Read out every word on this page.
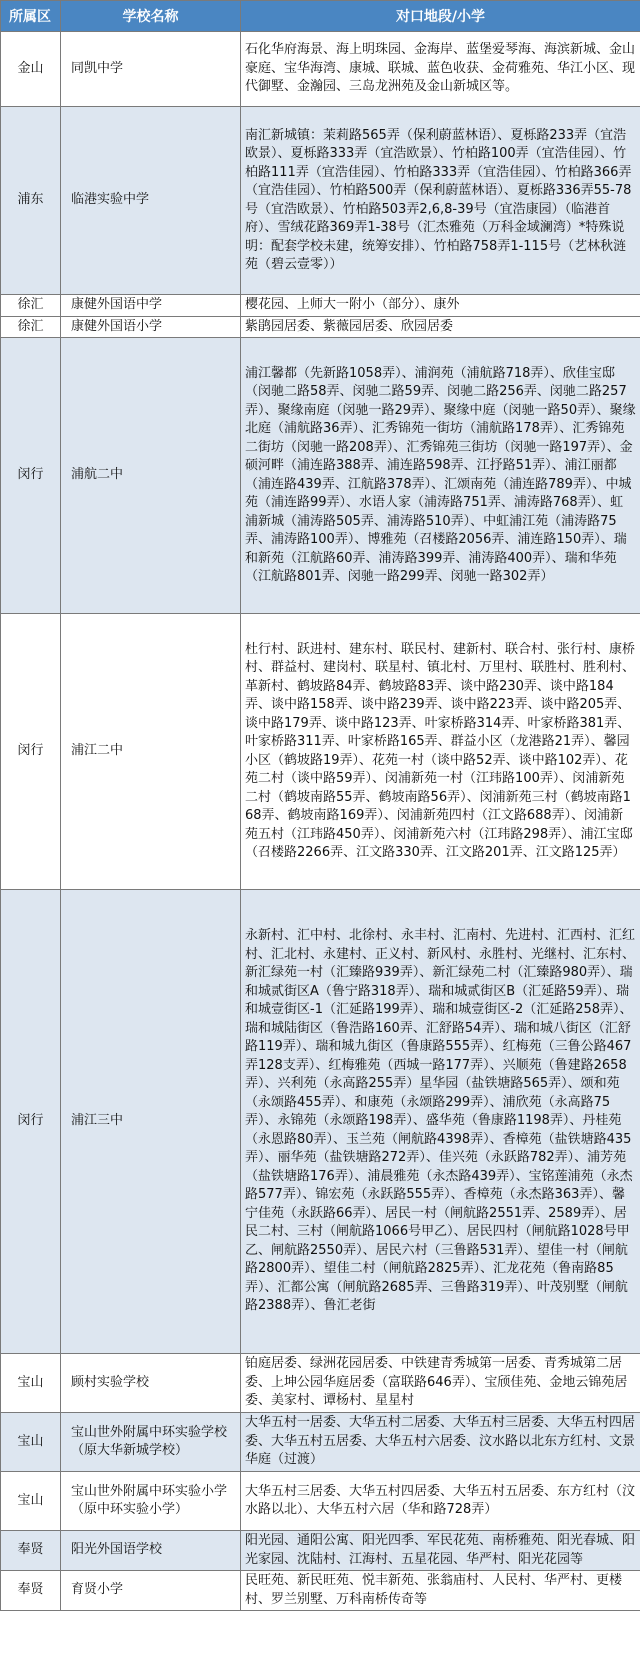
所属区	学校名称	对口地段/小学
金山	同凯中学	石化华府海景、海上明珠园、金海岸、蓝堡爱琴海、海滨新城、金山豪庭、宝华海湾、康城、联城、蓝色收获、金荷雅苑、华江小区、现代御墅、金瀚园、三岛龙洲苑及金山新城区等。
浦东	临港实验中学	南汇新城镇：茉莉路565弄（保利蔚蓝林语）、夏栎路233弄（宜浩欧景）、夏栎路333弄（宜浩欧景）、竹柏路100弄（宜浩佳园）、竹柏路111弄（宜浩佳园）、竹柏路333弄（宜浩佳园）、竹柏路366弄（宜浩佳园）、竹柏路500弄（保利蔚蓝林语）、夏栎路336弄55-78号（宜浩欧景）、竹柏路503弄2,6,8-39号（宜浩康园）（临港首府）、雪绒花路369弄1-38号（汇杰雅苑（万科金域澜湾）*特殊说明：配套学校未建，统筹安排）、竹柏路758弄1-115号（艺林秋涟苑（碧云壹零））
徐汇	康健外国语中学	樱花园、上师大一附小（部分）、康外
徐汇	康健外国语小学	紫鹃园居委、紫薇园居委、欣园居委
闵行	浦航二中	浦江馨都（先新路1058弄）、浦润苑（浦航路718弄）、欣佳宝邸（闵驰二路58弄、闵驰二路59弄、闵驰二路256弄、闵驰二路257弄）、聚缘南庭（闵驰一路29弄）、聚缘中庭（闵驰一路50弄）、聚缘北庭（浦航路36弄）、汇秀锦苑一街坊（浦航路178弄）、汇秀锦苑二街坊（闵驰一路208弄）、汇秀锦苑三街坊（闵驰一路197弄）、金硕河畔（浦连路388弄、浦连路598弄、江抒路51弄）、浦江丽都（浦连路439弄、江航路378弄）、汇颂南苑（浦连路789弄）、中城苑（浦连路99弄）、水语人家（浦涛路751弄、浦涛路768弄）、虹浦新城（浦涛路505弄、浦涛路510弄）、中虹浦江苑（浦涛路75弄、浦涛路100弄）、博雅苑（召楼路2056弄、浦连路150弄）、瑞和新苑（江航路60弄、浦涛路399弄、浦涛路400弄）、瑞和华苑（江航路801弄、闵驰一路299弄、闵驰一路302弄）
闵行	浦江二中	杜行村、跃进村、建东村、联民村、建新村、联合村、张行村、康桥村、群益村、建岗村、联星村、镇北村、万里村、联胜村、胜利村、革新村、鹤坡路84弄、鹤坡路83弄、谈中路230弄、谈中路184弄、谈中路158弄、谈中路239弄、谈中路223弄、谈中路205弄、谈中路179弄、谈中路123弄、叶家桥路314弄、叶家桥路381弄、叶家桥路311弄、叶家桥路165弄、群益小区（龙港路21弄）、馨园小区（鹤坡路19弄）、花苑一村（谈中路52弄、谈中路102弄）、花苑二村（谈中路59弄）、闵浦新苑一村（江玮路100弄）、闵浦新苑二村（鹤坡南路55弄、鹤坡南路56弄）、闵浦新苑三村（鹤坡南路168弄、鹤坡南路169弄）、闵浦新苑四村（江文路688弄）、闵浦新苑五村（江玮路450弄）、闵浦新苑六村（江玮路298弄）、浦江宝邸（召楼路2266弄、江文路330弄、江文路201弄、江文路125弄）
闵行	浦江三中	永新村、汇中村、北徐村、永丰村、汇南村、先进村、汇西村、汇红村、汇北村、永建村、正义村、新风村、永胜村、光继村、汇东村、新汇绿苑一村（汇臻路939弄）、新汇绿苑二村（汇臻路980弄）、瑞和城贰街区A（鲁宁路318弄）、瑞和城贰街区B（汇延路59弄）、瑞和城壹街区-1（汇延路199弄）、瑞和城壹街区-2（汇延路258弄）、瑞和城陆街区（鲁浩路160弄、汇舒路54弄）、瑞和城八街区（汇舒路119弄）、瑞和城九街区（鲁康路555弄）、红梅苑（三鲁公路467弄128支弄）、红梅雅苑（西城一路177弄）、兴顺苑（鲁建路2658弄）、兴利苑（永高路255弄）星华园（盐铁塘路565弄）、颂和苑（永颂路455弄）、和康苑（永颂路299弄）、浦欣苑（永高路75弄）、永锦苑（永颂路198弄）、盛华苑（鲁康路1198弄）、丹桂苑（永恩路80弄）、玉兰苑（闸航路4398弄）、香樟苑（盐铁塘路435弄）、丽华苑（盐铁塘路272弄）、佳兴苑（永跃路782弄）、浦芳苑（盐铁塘路176弄）、浦晨雅苑（永杰路439弄）、宝铭莲浦苑（永杰路577弄）、锦宏苑（永跃路555弄）、香樟苑（永杰路363弄）、馨宁佳苑（永跃路66弄）、居民一村（闸航路2551弄、2589弄）、居民二村、三村（闸航路1066号甲乙）、居民四村（闸航路1028号甲乙、闸航路2550弄）、居民六村（三鲁路531弄）、望佳一村（闸航路2800弄）、望佳二村（闸航路2825弄）、汇龙花苑（鲁南路85弄）、汇都公寓（闸航路2685弄、三鲁路319弄）、叶茂别墅（闸航路2388弄）、鲁汇老街
宝山	顾村实验学校	铂庭居委、绿洲花园居委、中铁建青秀城第一居委、青秀城第二居委、上坤公园华庭居委（富联路646弄）、宝颀佳苑、金地云锦苑居委、美家村、谭杨村、星星村
宝山	宝山世外附属中环实验学校（原大华新城学校）	大华五村一居委、大华五村二居委、大华五村三居委、大华五村四居委、大华五村五居委、大华五村六居委、汶水路以北东方红村、文景华庭（过渡）
宝山	宝山世外附属中环实验小学（原中环实验小学）	大华五村三居委、大华五村四居委、大华五村五居委、东方红村（汶水路以北）、大华五村六居（华和路728弄）
奉贤	阳光外国语学校	阳光园、通阳公寓、阳光四季、军民花苑、南桥雅苑、阳光春城、阳光家园、沈陆村、江海村、五星花园、华严村、阳光花园等
奉贤	育贤小学	民旺苑、新民旺苑、悦丰新苑、张翁庙村、人民村、华严村、更楼村、罗兰别墅、万科南桥传奇等
